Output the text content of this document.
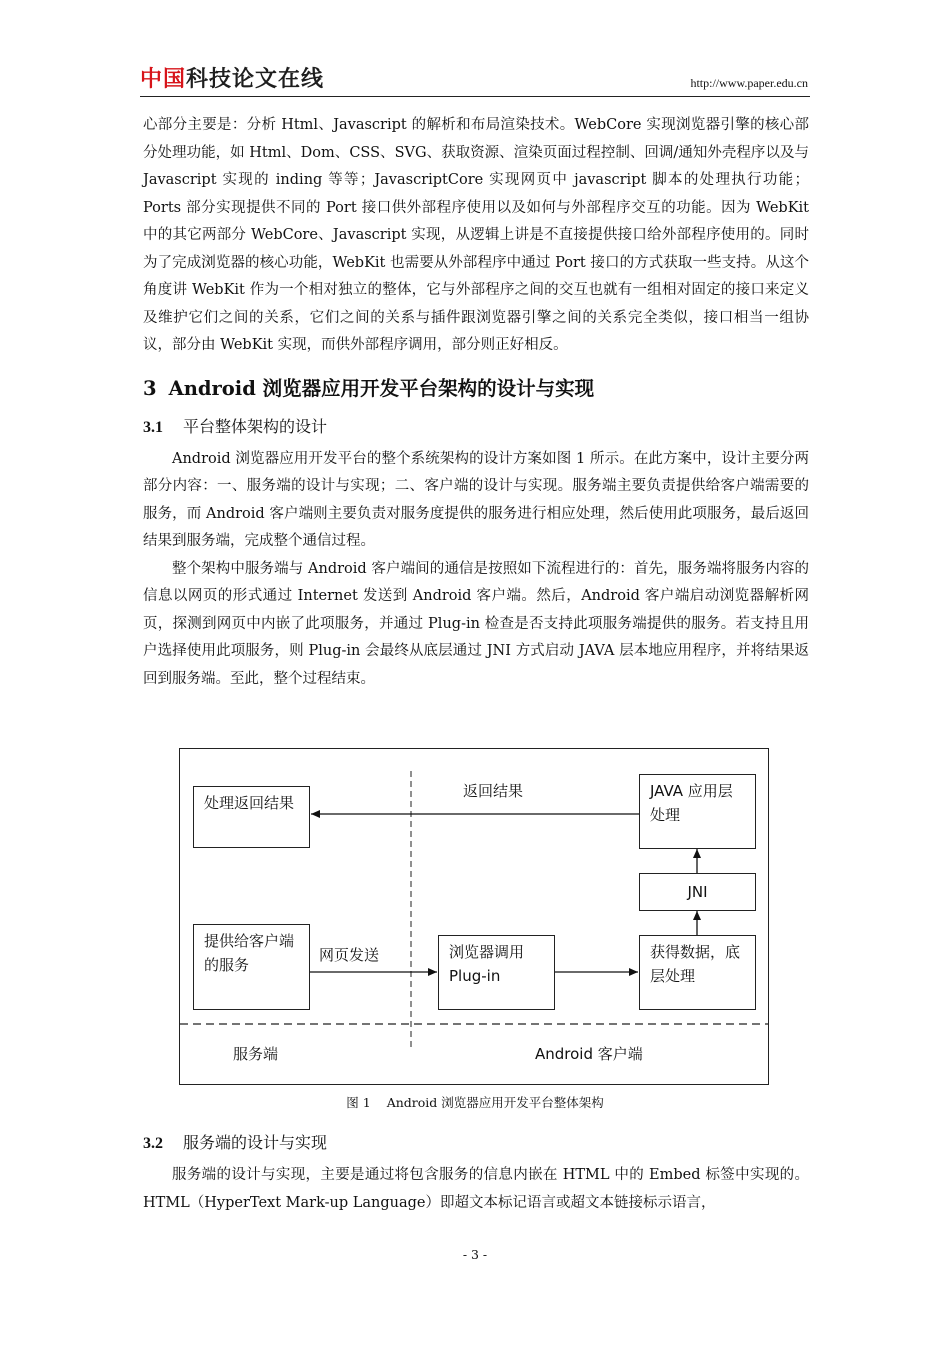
中国科技论文在线	http://www.paper.edu.cn

心部分主要是：分析 Html、Javascript 的解析和布局渲染技术。WebCore 实现浏览器引擎的核心部分处理功能，如 Html、Dom、CSS、SVG、获取资源、渲染页面过程控制、回调/通知外壳程序以及与 Javascript 实现的 inding 等等；JavascriptCore 实现网页中 javascript 脚本的处理执行功能；Ports 部分实现提供不同的 Port 接口供外部程序使用以及如何与外部程序交互的功能。因为 WebKit 中的其它两部分 WebCore、Javascript 实现，从逻辑上讲是不直接提供接口给外部程序使用的。同时为了完成浏览器的核心功能，WebKit 也需要从外部程序中通过 Port 接口的方式获取一些支持。从这个角度讲 WebKit 作为一个相对独立的整体，它与外部程序之间的交互也就有一组相对固定的接口来定义及维护它们之间的关系，它们之间的关系与插件跟浏览器引擎之间的关系完全类似，接口相当一组协议，部分由 WebKit 实现，而供外部程序调用，部分则正好相反。

3 Android 浏览器应用开发平台架构的设计与实现
3.1 平台整体架构的设计

Android 浏览器应用开发平台的整个系统架构的设计方案如图 1 所示。在此方案中，设计主要分两部分内容：一、服务端的设计与实现；二、客户端的设计与实现。服务端主要负责提供给客户端需要的服务，而 Android 客户端则主要负责对服务度提供的服务进行相应处理，然后使用此项服务，最后返回结果到服务端，完成整个通信过程。

整个架构中服务端与 Android 客户端间的通信是按照如下流程进行的：首先，服务端将服务内容的信息以网页的形式通过 Internet 发送到 Android 客户端。然后，Android 客户端启动浏览器解析网页，探测到网页中内嵌了此项服务，并通过 Plug-in 检查是否支持此项服务端提供的服务。若支持且用户选择使用此项服务，则 Plug-in 会最终从底层通过 JNI 方式启动 JAVA 层本地应用程序，并将结果返回到服务端。至此，整个过程结束。

处理返回结果
JAVA 应用层处理
JNI
提供给客户端的服务
浏览器调用
Plug-in
获得数据，底层处理
返回结果
网页发送
服务端	Android 客户端
图 1 Android 浏览器应用开发平台整体架构
3.2 服务端的设计与实现

服务端的设计与实现，主要是通过将包含服务的信息内嵌在 HTML 中的 Embed 标签中实现的。HTML（HyperText Mark-up Language）即超文本标记语言或超文本链接标示语言，

- 3 -
